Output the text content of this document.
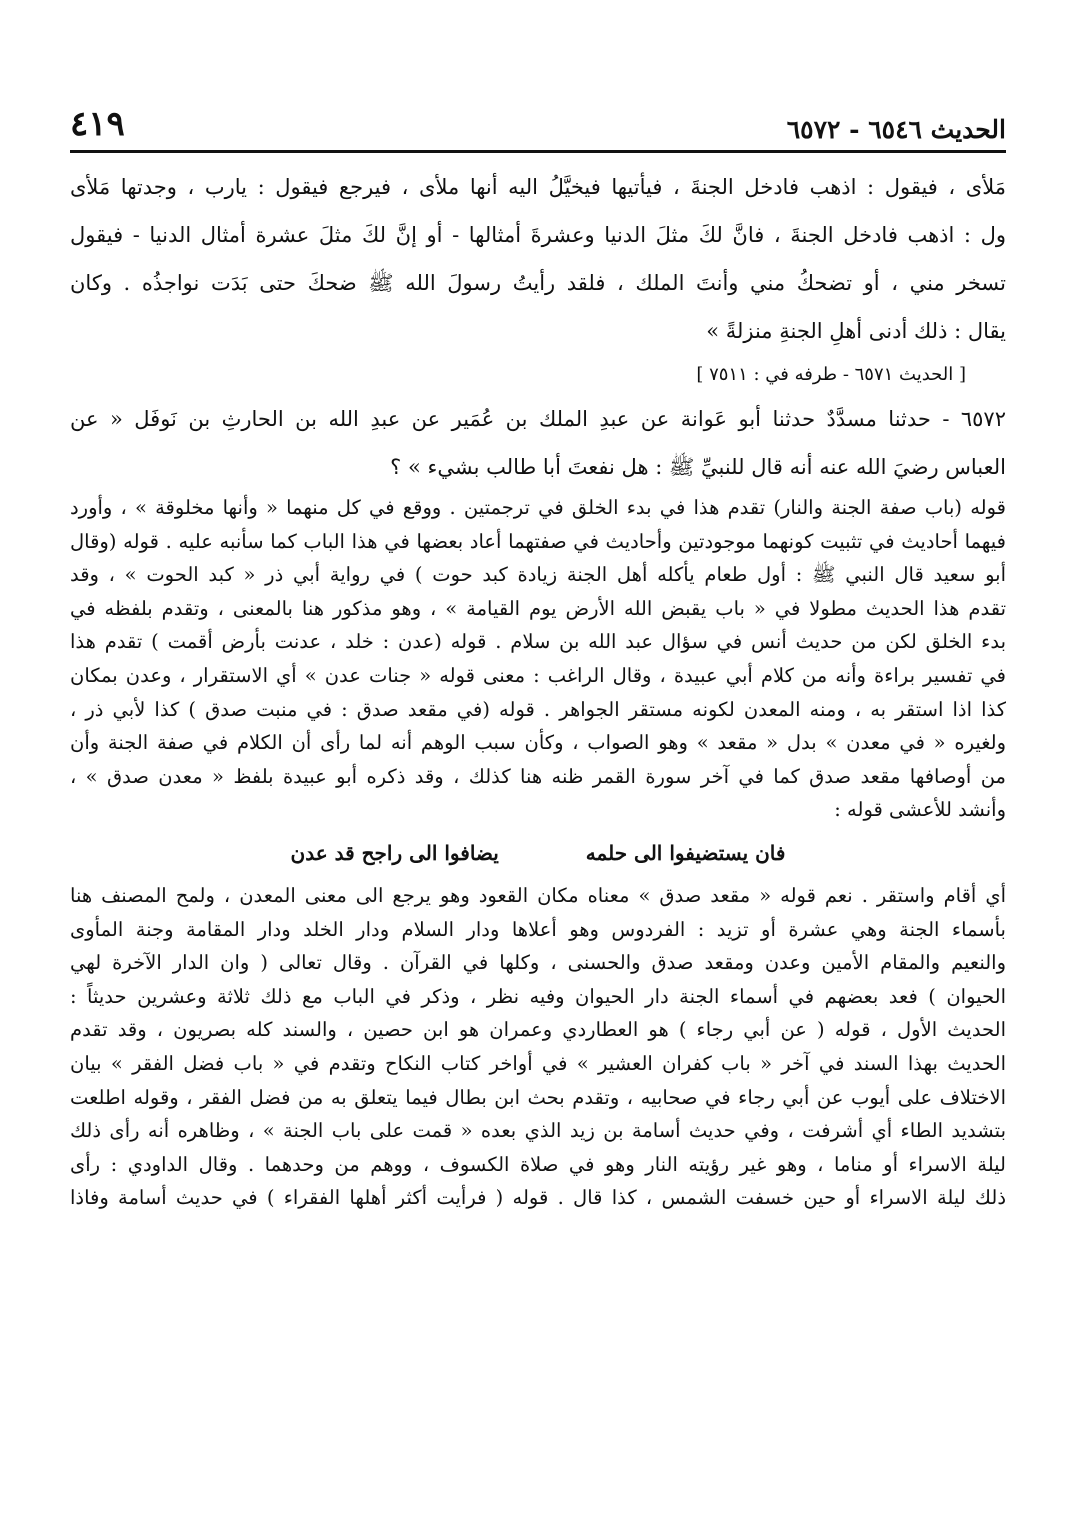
الحديث ٦٥٤٦ - ٦٥٧٢
٤١٩
مَلأى ، فيقول : اذهب فادخل الجنةَ ، فيأتيها فيخيَّلُ اليه أنها ملأى ، فيرجع فيقول : يارب ، وجدتها مَلأى
ول : اذهب فادخل الجنةَ ، فانَّ لكَ مثلَ الدنيا وعشرةَ أمثالها - أو إنَّ لكَ مثلَ عشرة أمثال الدنيا - فيقول
تسخر مني ، أو تضحكُ مني وأنتَ الملك ، فلقد رأيتُ رسولَ الله ﷺ ضحكَ حتى بَدَت نواجذُه . وكان
يقال : ذلك أدنى أهلِ الجنةِ منزلةً »
[ الحديث ٦٥٧١ - طرفه في : ٧٥١١ ]
٦٥٧٢ - حدثنا مسدَّدٌ حدثنا أبو عَوانة عن عبدِ الملك بن عُمَير عن عبدِ الله بن الحارثِ بن نَوفَل « عن
العباس رضيَ الله عنه أنه قال للنبيِّ ﷺ : هل نفعتَ أبا طالب بشيء » ؟
قوله (باب صفة الجنة والنار) تقدم هذا في بدء الخلق في ترجمتين . ووقع في كل منهما « وأنها مخلوقة » ، وأورد
فيهما أحاديث في تثبيت كونهما موجودتين وأحاديث في صفتهما أعاد بعضها في هذا الباب كما سأنبه عليه . قوله (وقال
أبو سعيد قال النبي ﷺ : أول طعام يأكله أهل الجنة زيادة كبد حوت ) في رواية أبي ذر « كبد الحوت » ، وقد
تقدم هذا الحديث مطولا في « باب يقبض الله الأرض يوم القيامة » ، وهو مذكور هنا بالمعنى ، وتقدم بلفظه في
بدء الخلق لكن من حديث أنس في سؤال عبد الله بن سلام . قوله (عدن : خلد ، عدنت بأرض أقمت ) تقدم هذا
في تفسير براءة وأنه من كلام أبي عبيدة ، وقال الراغب : معنى قوله « جنات عدن » أي الاستقرار ، وعدن بمكان
كذا اذا استقر به ، ومنه المعدن لكونه مستقر الجواهر . قوله (في مقعد صدق : في منبت صدق ) كذا لأبي ذر ،
ولغيره « في معدن » بدل « مقعد » وهو الصواب ، وكأن سبب الوهم أنه لما رأى أن الكلام في صفة الجنة وأن
من أوصافها مقعد صدق كما في آخر سورة القمر ظنه هنا كذلك ، وقد ذكره أبو عبيدة بلفظ « معدن صدق » ،
وأنشد للأعشى قوله :
فان يستضيفوا الى حلمه يضافوا الى راجح قد عدن
أي أقام واستقر . نعم قوله « مقعد صدق » معناه مكان القعود وهو يرجع الى معنى المعدن ، ولمح المصنف هنا
بأسماء الجنة وهي عشرة أو تزيد : الفردوس وهو أعلاها ودار السلام ودار الخلد ودار المقامة وجنة المأوى
والنعيم والمقام الأمين وعدن ومقعد صدق والحسنى ، وكلها في القرآن . وقال تعالى ( وان الدار الآخرة لهي
الحيوان ) فعد بعضهم في أسماء الجنة دار الحيوان وفيه نظر ، وذكر في الباب مع ذلك ثلاثة وعشرين حديثاً :
الحديث الأول ، قوله ( عن أبي رجاء ) هو العطاردي وعمران هو ابن حصين ، والسند كله بصريون ، وقد تقدم
الحديث بهذا السند في آخر « باب كفران العشير » في أواخر كتاب النكاح وتقدم في « باب فضل الفقر » بيان
الاختلاف على أيوب عن أبي رجاء في صحابيه ، وتقدم بحث ابن بطال فيما يتعلق به من فضل الفقر ، وقوله اطلعت
بتشديد الطاء أي أشرفت ، وفي حديث أسامة بن زيد الذي بعده « قمت على باب الجنة » ، وظاهره أنه رأى ذلك
ليلة الاسراء أو مناما ، وهو غير رؤيته النار وهو في صلاة الكسوف ، ووهم من وحدهما . وقال الداودي : رأى
ذلك ليلة الاسراء أو حين خسفت الشمس ، كذا قال . قوله ( فرأيت أكثر أهلها الفقراء ) في حديث أسامة وفاذا
